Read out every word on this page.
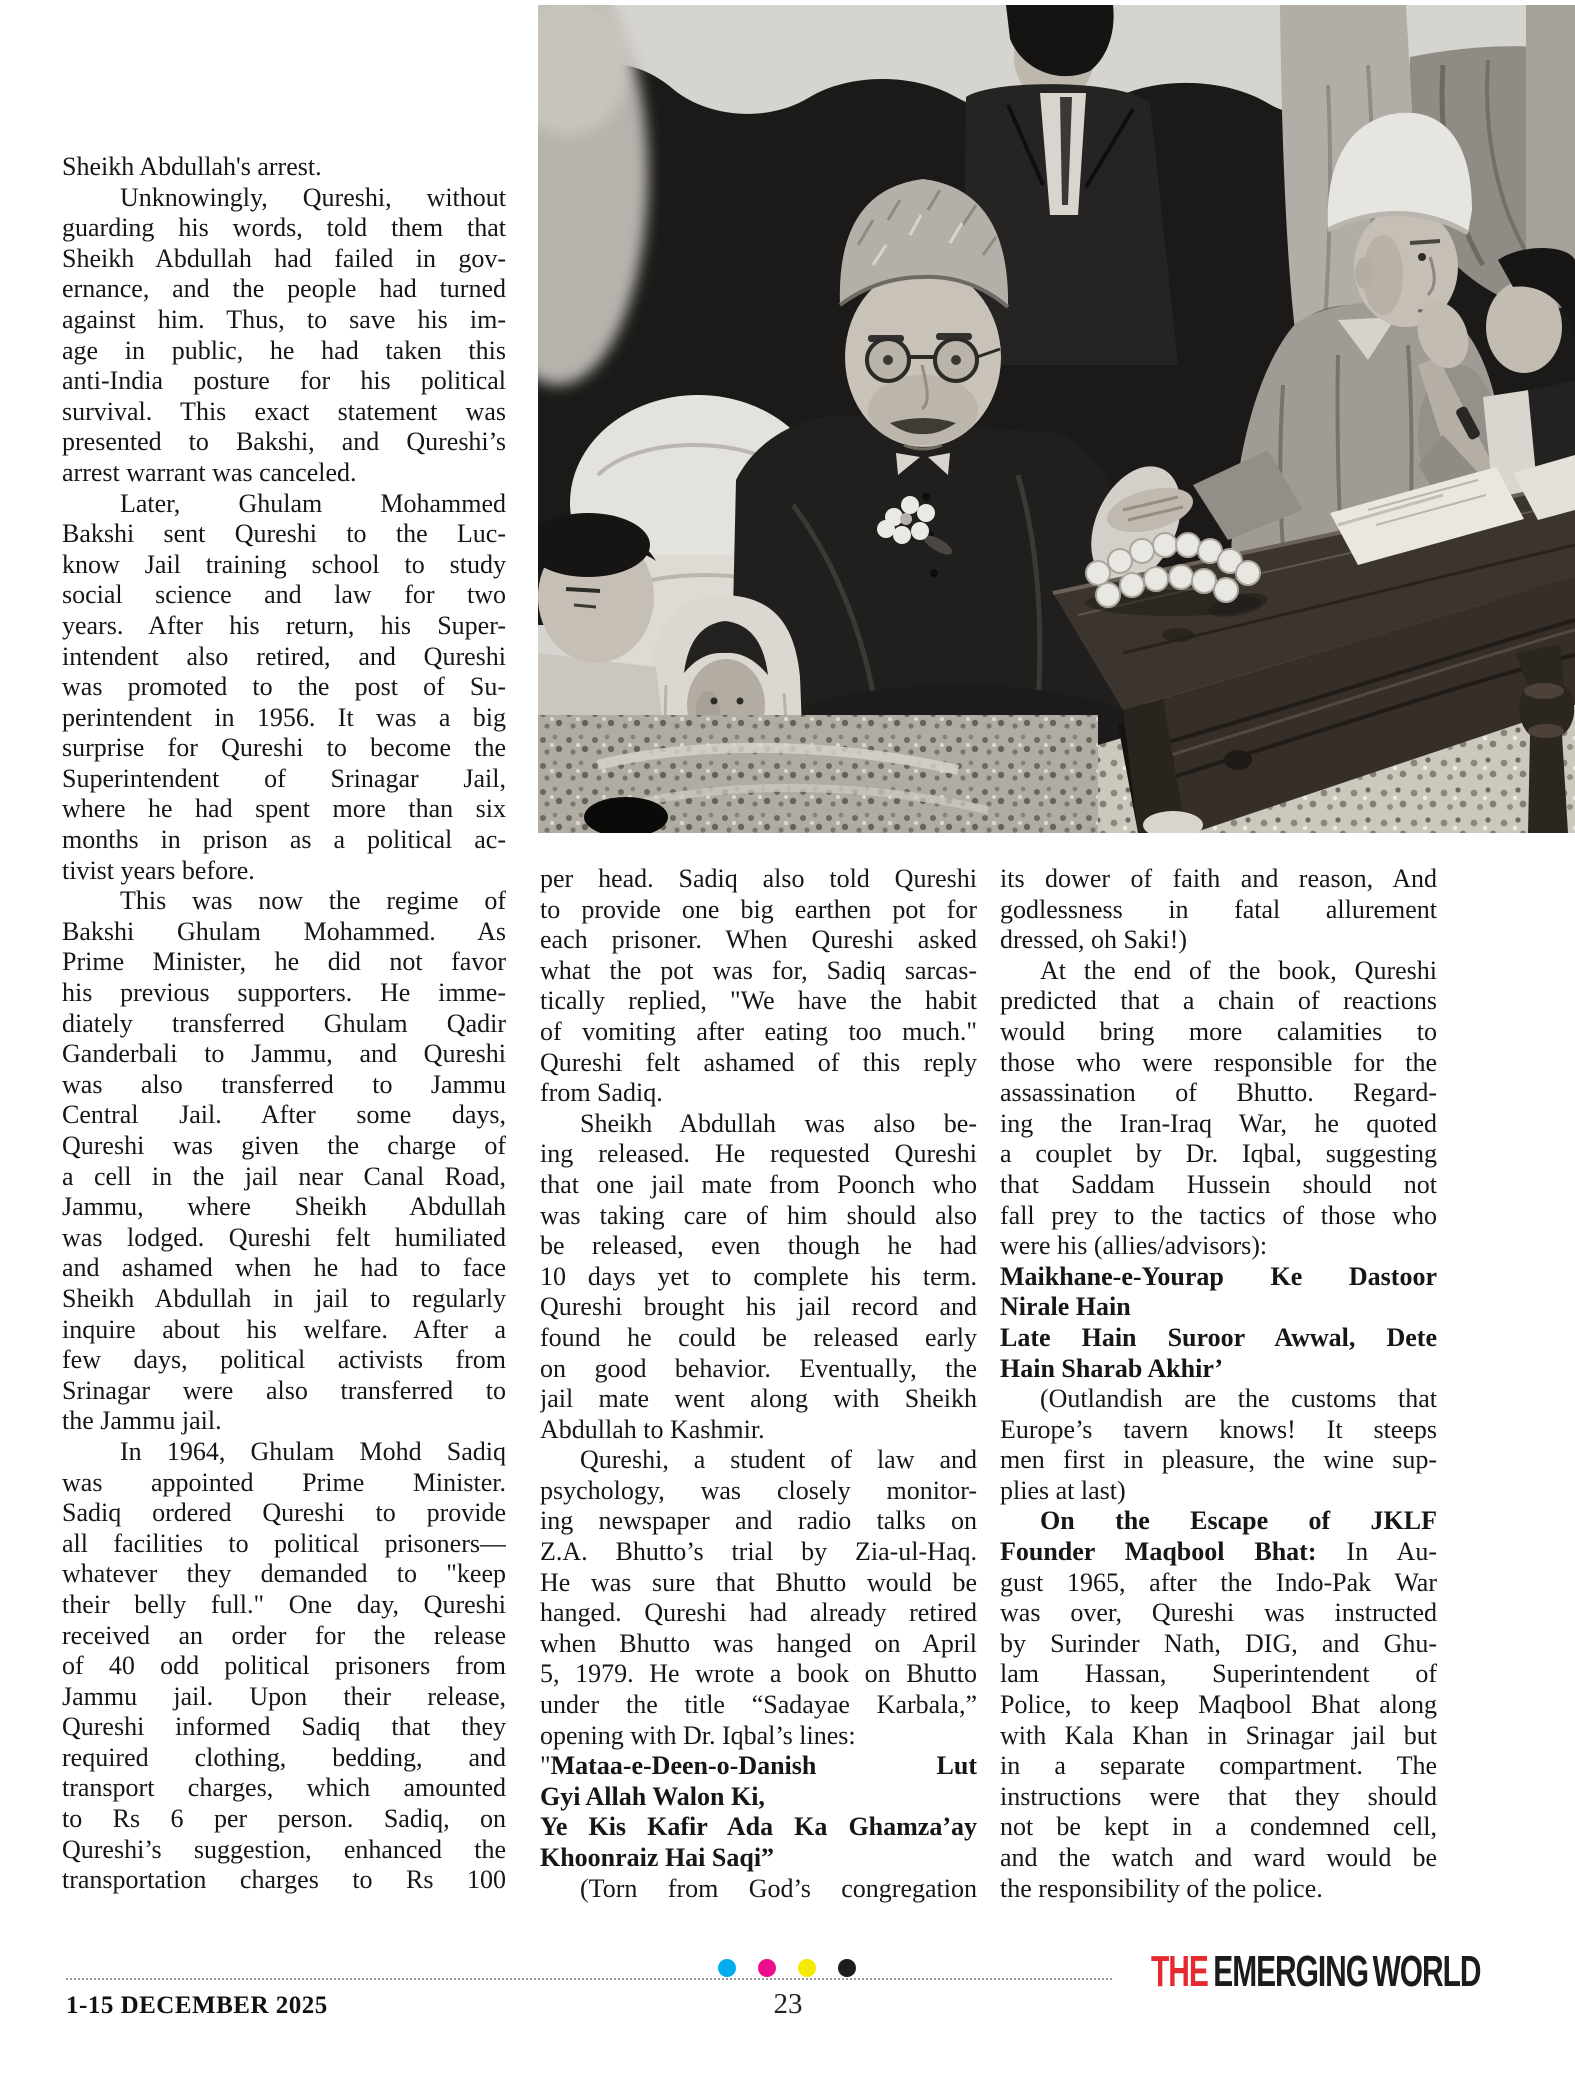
Sheikh Abdullah's arrest.
Unknowingly, Qureshi, without
guarding his words, told them that
Sheikh Abdullah had failed in gov-
ernance, and the people had turned
against him. Thus, to save his im-
age in public, he had taken this
anti-India posture for his political
survival. This exact statement was
presented to Bakshi, and Qureshi’s
arrest warrant was canceled.
Later, Ghulam Mohammed
Bakshi sent Qureshi to the Luc-
know Jail training school to study
social science and law for two
years. After his return, his Super-
intendent also retired, and Qureshi
was promoted to the post of Su-
perintendent in 1956. It was a big
surprise for Qureshi to become the
Superintendent of Srinagar Jail,
where he had spent more than six
months in prison as a political ac-
tivist years before.
This was now the regime of
Bakshi Ghulam Mohammed. As
Prime Minister, he did not favor
his previous supporters. He imme-
diately transferred Ghulam Qadir
Ganderbali to Jammu, and Qureshi
was also transferred to Jammu
Central Jail. After some days,
Qureshi was given the charge of
a cell in the jail near Canal Road,
Jammu, where Sheikh Abdullah
was lodged. Qureshi felt humiliated
and ashamed when he had to face
Sheikh Abdullah in jail to regularly
inquire about his welfare. After a
few days, political activists from
Srinagar were also transferred to
the Jammu jail.
In 1964, Ghulam Mohd Sadiq
was appointed Prime Minister.
Sadiq ordered Qureshi to provide
all facilities to political prisoners—
whatever they demanded to "keep
their belly full." One day, Qureshi
received an order for the release
of 40 odd political prisoners from
Jammu jail. Upon their release,
Qureshi informed Sadiq that they
required clothing, bedding, and
transport charges, which amounted
to Rs 6 per person. Sadiq, on
Qureshi’s suggestion, enhanced the
transportation charges to Rs 100
per head. Sadiq also told Qureshi
to provide one big earthen pot for
each prisoner. When Qureshi asked
what the pot was for, Sadiq sarcas-
tically replied, "We have the habit
of vomiting after eating too much."
Qureshi felt ashamed of this reply
from Sadiq.
Sheikh Abdullah was also be-
ing released. He requested Qureshi
that one jail mate from Poonch who
was taking care of him should also
be released, even though he had
10 days yet to complete his term.
Qureshi brought his jail record and
found he could be released early
on good behavior. Eventually, the
jail mate went along with Sheikh
Abdullah to Kashmir.
Qureshi, a student of law and
psychology, was closely monitor-
ing newspaper and radio talks on
Z.A. Bhutto’s trial by Zia-ul-Haq.
He was sure that Bhutto would be
hanged. Qureshi had already retired
when Bhutto was hanged on April
5, 1979. He wrote a book on Bhutto
under the title “Sadayae Karbala,”
opening with Dr. Iqbal’s lines:
"Mataa-e-Deen-o-Danish Lut
Gyi Allah Walon Ki,
Ye Kis Kafir Ada Ka Ghamza’ay
Khoonraiz Hai Saqi”
(Torn from God’s congregation
its dower of faith and reason, And
godlessness in fatal allurement
dressed, oh Saki!)
At the end of the book, Qureshi
predicted that a chain of reactions
would bring more calamities to
those who were responsible for the
assassination of Bhutto. Regard-
ing the Iran-Iraq War, he quoted
a couplet by Dr. Iqbal, suggesting
that Saddam Hussein should not
fall prey to the tactics of those who
were his (allies/advisors):
Maikhane-e-Yourap Ke Dastoor
Nirale Hain
Late Hain Suroor Awwal, Dete
Hain Sharab Akhir’
(Outlandish are the customs that
Europe’s tavern knows! It steeps
men first in pleasure, the wine sup-
plies at last)
On the Escape of JKLF
Founder Maqbool Bhat: In Au-
gust 1965, after the Indo-Pak War
was over, Qureshi was instructed
by Surinder Nath, DIG, and Ghu-
lam Hassan, Superintendent of
Police, to keep Maqbool Bhat along
with Kala Khan in Srinagar jail but
in a separate compartment. The
instructions were that they should
not be kept in a condemned cell,
and the watch and ward would be
the responsibility of the police.
1-15 DECEMBER 2025	23
THE EMERGING WORLD
